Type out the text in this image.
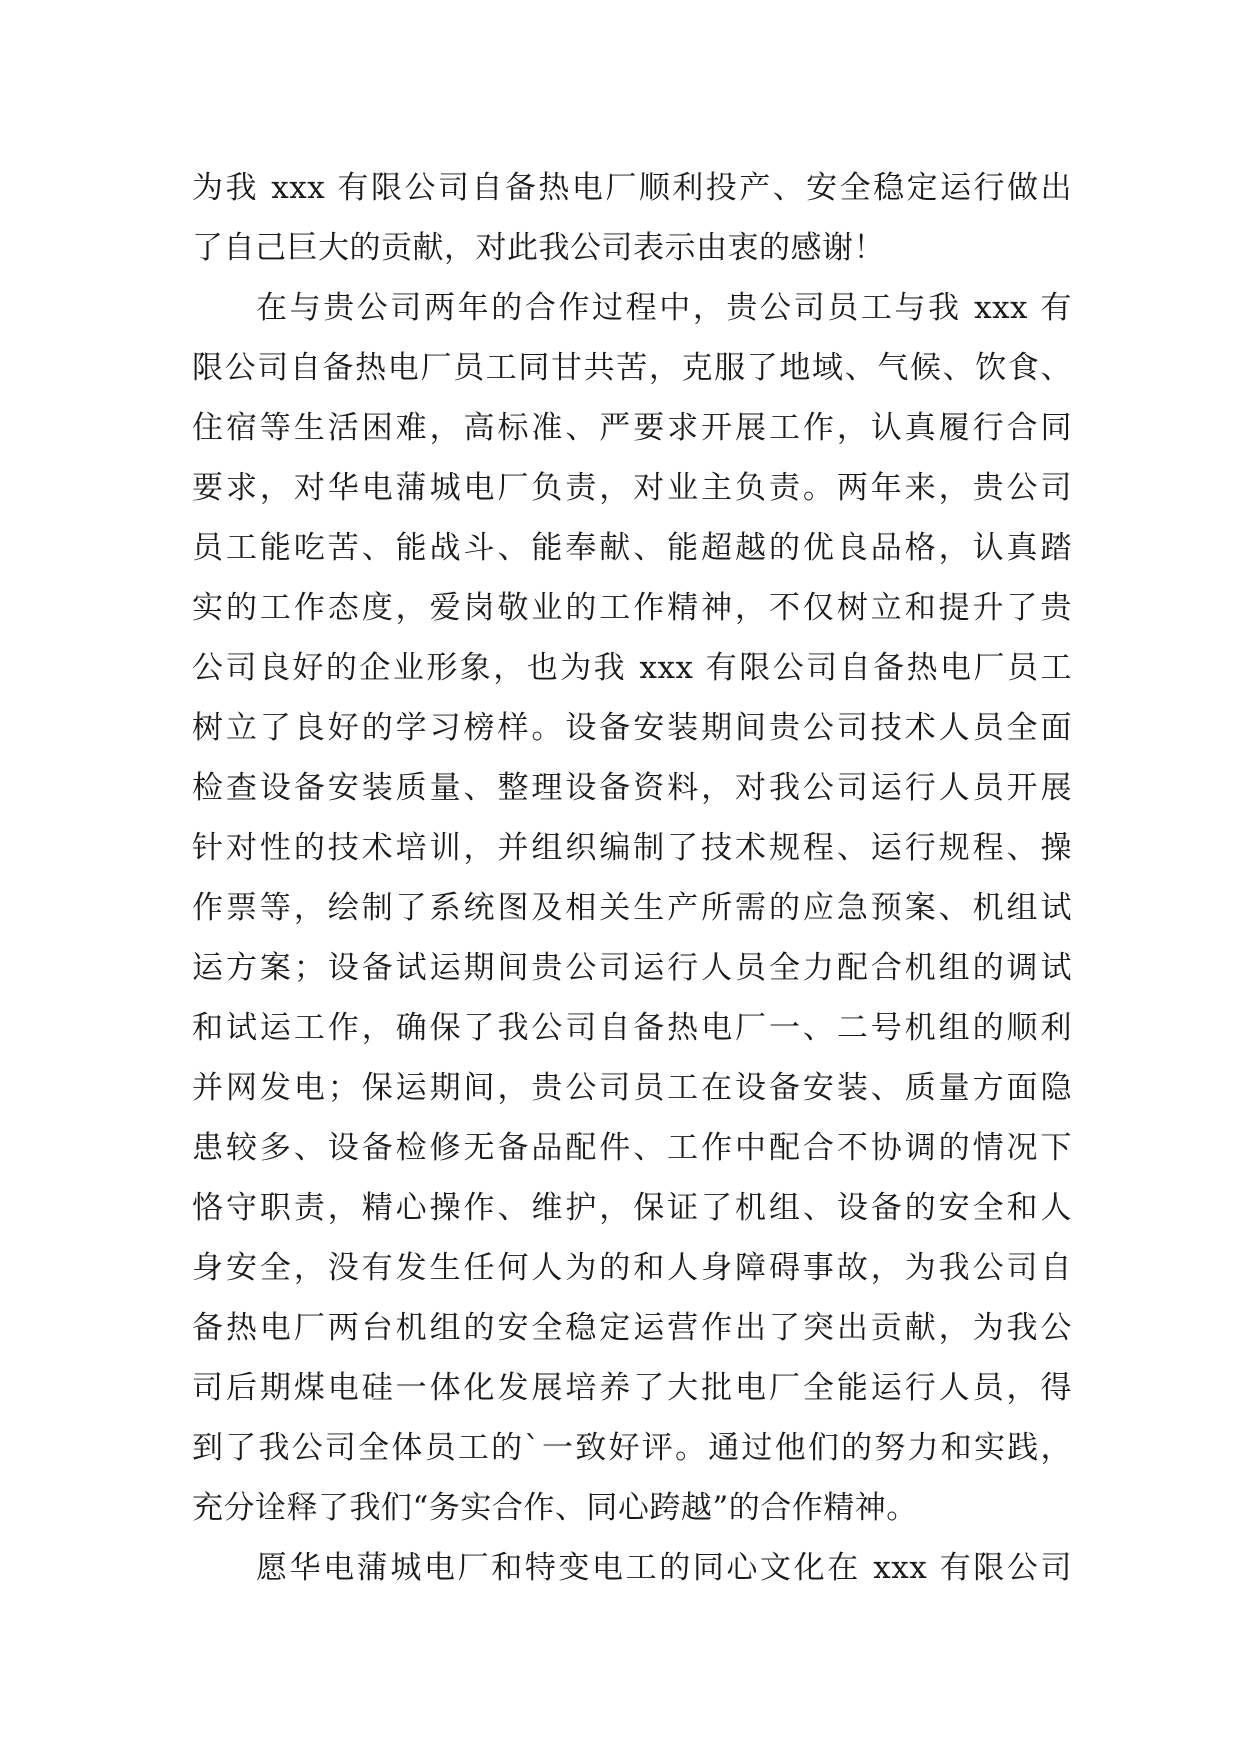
为我 xxx 有限公司自备热电厂顺利投产、安全稳定运行做出
了自己巨大的贡献，对此我公司表示由衷的感谢！
在与贵公司两年的合作过程中，贵公司员工与我 xxx 有
限公司自备热电厂员工同甘共苦，克服了地域、气候、饮食、
住宿等生活困难，高标准、严要求开展工作，认真履行合同
要求，对华电蒲城电厂负责，对业主负责。两年来，贵公司
员工能吃苦、能战斗、能奉献、能超越的优良品格，认真踏
实的工作态度，爱岗敬业的工作精神，不仅树立和提升了贵
公司良好的企业形象，也为我 xxx 有限公司自备热电厂员工
树立了良好的学习榜样。设备安装期间贵公司技术人员全面
检查设备安装质量、整理设备资料，对我公司运行人员开展
针对性的技术培训，并组织编制了技术规程、运行规程、操
作票等，绘制了系统图及相关生产所需的应急预案、机组试
运方案；设备试运期间贵公司运行人员全力配合机组的调试
和试运工作，确保了我公司自备热电厂一、二号机组的顺利
并网发电；保运期间，贵公司员工在设备安装、质量方面隐
患较多、设备检修无备品配件、工作中配合不协调的情况下
恪守职责，精心操作、维护，保证了机组、设备的安全和人
身安全，没有发生任何人为的和人身障碍事故，为我公司自
备热电厂两台机组的安全稳定运营作出了突出贡献，为我公
司后期煤电硅一体化发展培养了大批电厂全能运行人员，得
到了我公司全体员工的`一致好评。通过他们的努力和实践，
充分诠释了我们“务实合作、同心跨越”的合作精神。
愿华电蒲城电厂和特变电工的同心文化在 xxx 有限公司
